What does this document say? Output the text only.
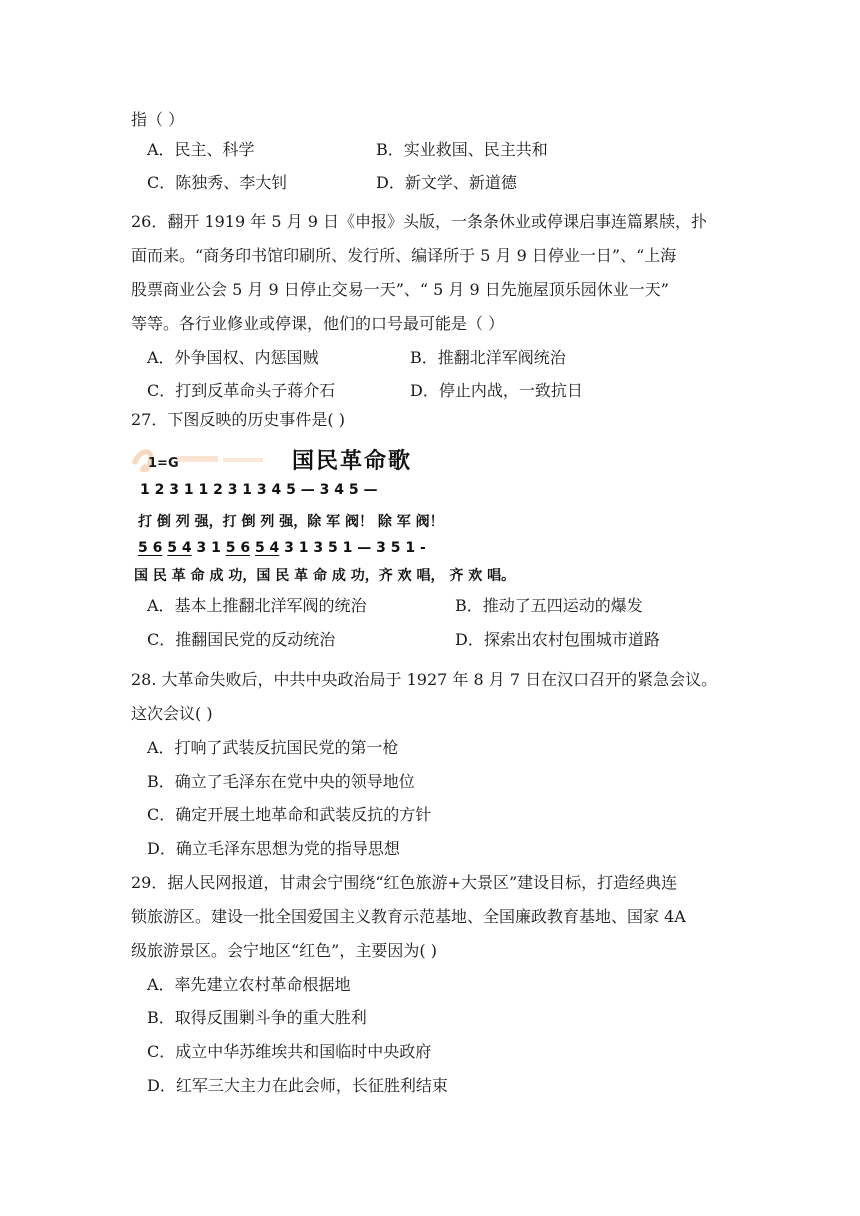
指（ ）
A．民主、科学	B．实业救国、民主共和
C．陈独秀、李大钊	D．新文学、新道德
26．翻开 1919 年 5 月 9 日《申报》头版，一条条休业或停课启事连篇累牍，扑
面而来。“商务印书馆印刷所、发行所、编译所于 5 月 9 日停业一日”、“上海
股票商业公会 5 月 9 日停止交易一天”、“ 5 月 9 日先施屋顶乐园休业一天”
等等。各行业修业或停课，他们的口号最可能是（ ）
A．外争国权、内惩国贼	B．推翻北洋军阀统治
C．打到反革命头子蒋介石	D．停止内战，一致抗日
27．下图反映的历史事件是( )
1=G	国民革命歌
1 2 3 1 1 2 3 1 3 4 5 — 3 4 5 —
打 倒 列 强，打 倒 列 强，除 军 阀！ 除 军 阀！
5 6 5 4 3 1 5 6 5 4 3 1 3 5 1 — 3 5 1 -
国 民 革 命 成 功，国 民 革 命 成 功，齐 欢 唱， 齐 欢 唱。
A．基本上推翻北洋军阀的统治	B．推动了五四运动的爆发
C．推翻国民党的反动统治	D．探索出农村包围城市道路
28. 大革命失败后，中共中央政治局于 1927 年 8 月 7 日在汉口召开的紧急会议。
这次会议( )
A．打响了武装反抗国民党的第一枪
B．确立了毛泽东在党中央的领导地位
C．确定开展土地革命和武装反抗的方针
D．确立毛泽东思想为党的指导思想
29．据人民网报道，甘肃会宁围绕“红色旅游+大景区”建设目标，打造经典连
锁旅游区。建设一批全国爱国主义教育示范基地、全国廉政教育基地、国家 4A
级旅游景区。会宁地区“红色”，主要因为( )
A．率先建立农村革命根据地
B．取得反围剿斗争的重大胜利
C．成立中华苏维埃共和国临时中央政府
D．红军三大主力在此会师，长征胜利结束
